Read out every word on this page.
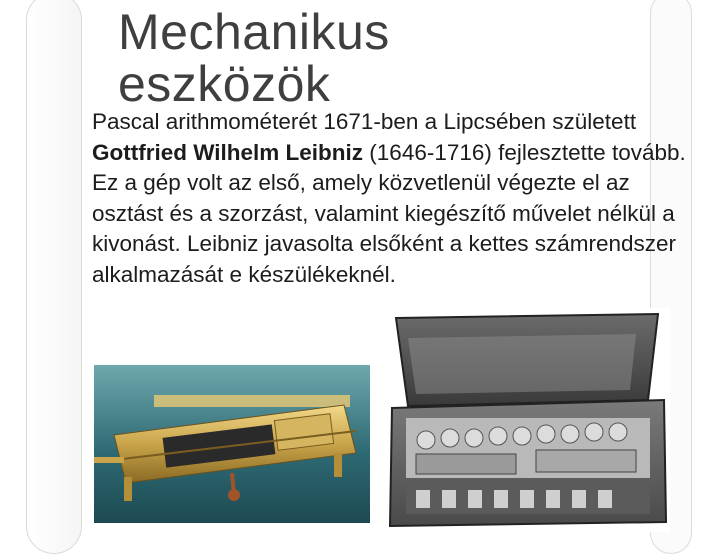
Mechanikus
eszközök

Pascal arithmométerét 1671-ben a Lipcsében született Gottfried Wilhelm Leibniz (1646-1716) fejlesztette tovább. Ez a gép volt az első, amely közvetlenül végezte el az osztást és a szorzást, valamint kiegészítő művelet nélkül a kivonást. Leibniz javasolta elsőként a kettes számrendszer alkalmazását e készülékeknél.
